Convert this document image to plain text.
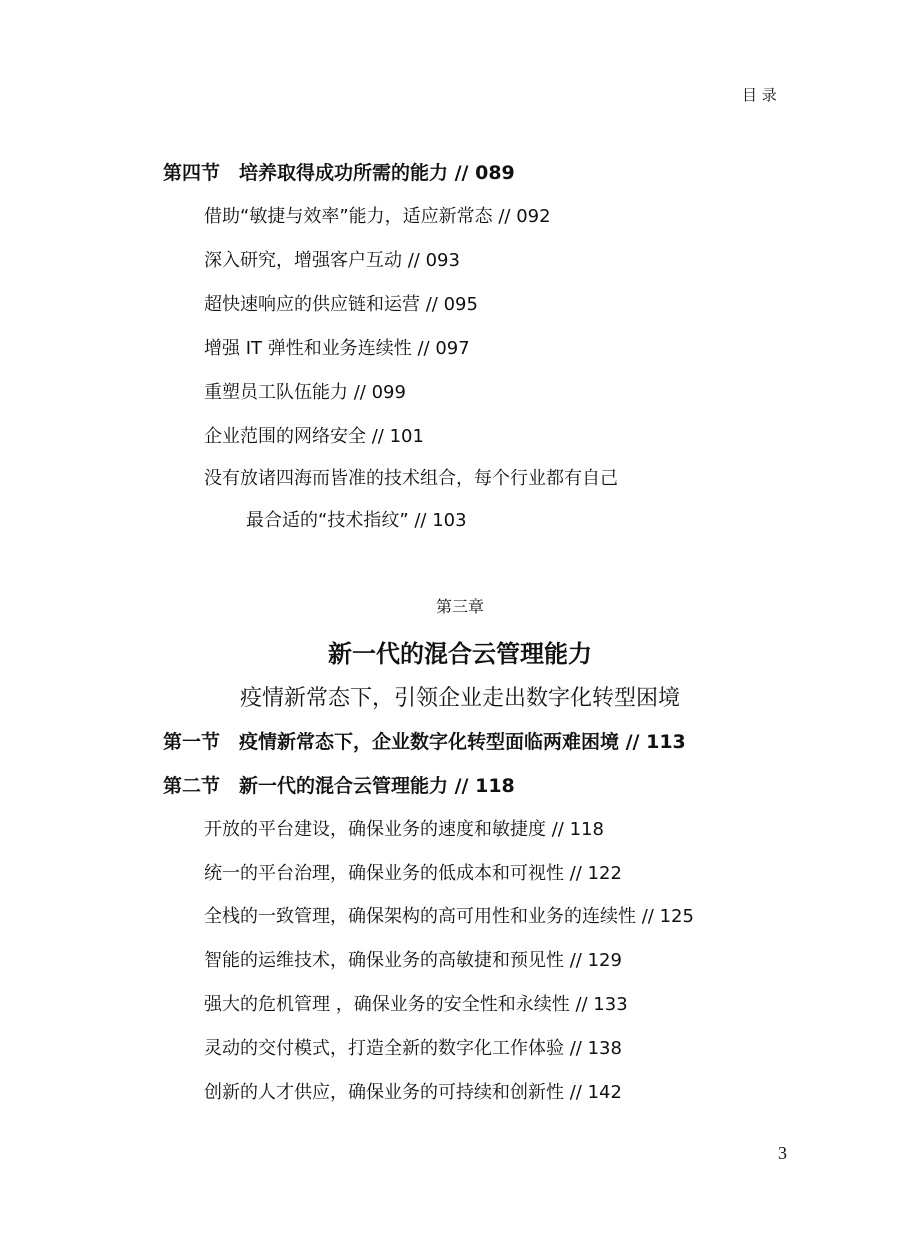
目 录
第四节　培养取得成功所需的能力 // 089
借助“敏捷与效率”能力，适应新常态 // 092
深入研究，增强客户互动 // 093
超快速响应的供应链和运营 // 095
增强 IT 弹性和业务连续性 // 097
重塑员工队伍能力 // 099
企业范围的网络安全 // 101
没有放诸四海而皆准的技术组合，每个行业都有自己
最合适的“技术指纹” // 103
第三章
新一代的混合云管理能力
疫情新常态下，引领企业走出数字化转型困境
第一节　疫情新常态下，企业数字化转型面临两难困境 // 113
第二节　新一代的混合云管理能力 // 118
开放的平台建设，确保业务的速度和敏捷度 // 118
统一的平台治理，确保业务的低成本和可视性 // 122
全栈的一致管理，确保架构的高可用性和业务的连续性 // 125
智能的运维技术，确保业务的高敏捷和预见性 // 129
强大的危机管理 ，确保业务的安全性和永续性 // 133
灵动的交付模式，打造全新的数字化工作体验 // 138
创新的人才供应，确保业务的可持续和创新性 // 142
3
